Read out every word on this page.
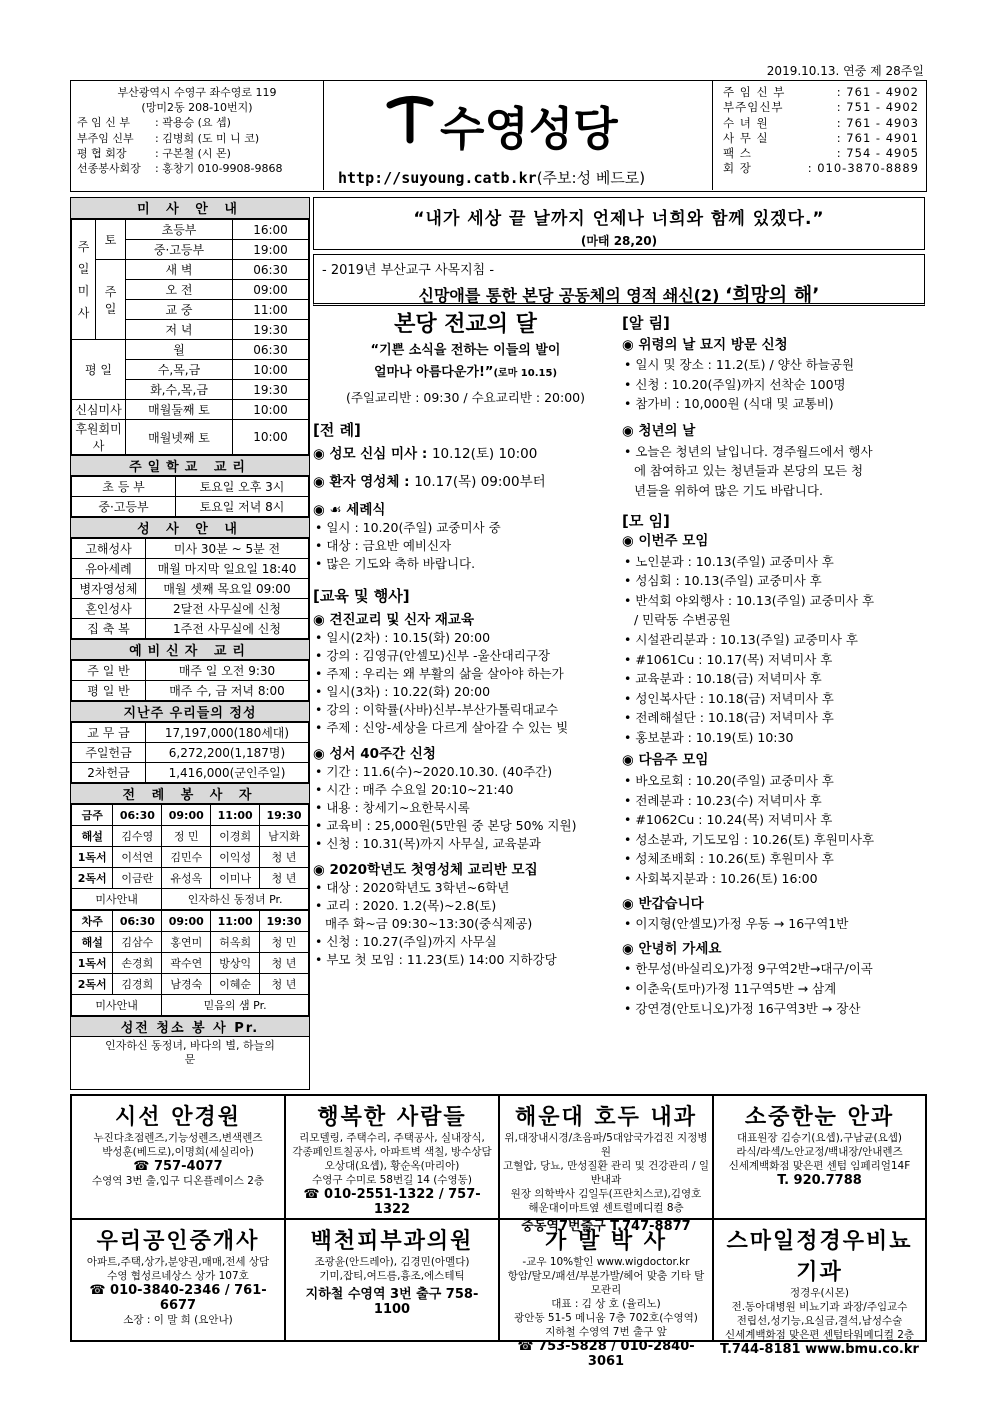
2019.10.13. 연중 제 28주일
부산광역시 수영구 좌수영로 119
(망미2동 208-10번지)
주 임 신 부	: 곽용승 (요 셉)
부주임 신부	: 김병희 (도 미 니 코)
평 협 회장	: 구본철 (시 몬)
선종봉사회장	: 홍창기 010-9908-9868
수영성당
http://suyoung.catb.kr(주보:성 베드로)
주 임 신 부	: 761 - 4902
부주임신부	: 751 - 4902
수 녀 원	: 761 - 4903
사 무 실	: 761 - 4901
팩 스	: 754 - 4905
회 장	: 010-3870-8889
미 사 안 내
주일미사	토	초등부	16:00
		중·고등부	19:00
	주일	새 벽	06:30
		오 전	09:00
		교 중	11:00
		저 녁	19:30
평 일		월	06:30
		수,목,금	10:00
		화,수,목,금	19:30
신심미사		매월둘째 토	10:00
후원회미사		매월넷째 토	10:00
주일학교 교리
초 등 부	토요일 오후 3시
중·고등부	토요일 저녁 8시
성 사 안 내
고해성사	미사 30분 ~ 5분 전
유아세례	매월 마지막 일요일 18:40
병자영성체	매월 셋째 목요일 09:00
혼인성사	2달전 사무실에 신청
집 축 복	1주전 사무실에 신청
예비신자 교리
주 일 반	매주 일 오전 9:30
평 일 반	매주 수, 금 저녁 8:00
지난주 우리들의 정성
교 무 금	17,197,000(180세대)
주일헌금	6,272,200(1,187명)
2차헌금	1,416,000(군인주일)
전 례 봉 사 자
금주	06:30	09:00	11:00	19:30
해설	김수영	정 민	이경희	남지화
1독서	이석연	김민수	이익성	청 년
2독서	이금란	유성옥	이미나	청 년
미사안내		인자하신 동정녀 Pr.		
차주	06:30	09:00	11:00	19:30
해설	김삼수	홍연미	허옥희	청 민
1독서	손경희	곽수연	방상익	청 년
2독서	김경희	남경숙	이혜순	청 년
미사안내		믿음의 샘 Pr.		
성전 청소 봉 사 Pr.
인자하신 동정녀, 바다의 별, 하늘의 문
“내가 세상 끝 날까지 언제나 너희와 함께 있겠다.”
(마태 28,20)
- 2019년 부산교구 사목지침 -
신망애를 통한 본당 공동체의 영적 쇄신(2) ‘희망의 해’
본당 전교의 달
“기쁜 소식을 전하는 이들의 발이
얼마나 아름다운가!”(로마 10.15)
(주일교리반 : 09:30 / 수요교리반 : 20:00)
[전 례]
◉ 성모 신심 미사 : 10.12(토) 10:00
◉ 환자 영성체 : 10.17(목) 09:00부터
◉ ☙ 세례식
• 일시 : 10.20(주일) 교중미사 중
• 대상 : 금요반 예비신자
• 많은 기도와 축하 바랍니다.
[교육 및 행사]
◉ 견진교리 및 신자 재교육
• 일시(2차) : 10.15(화) 20:00
• 강의 : 김영규(안셀모)신부 -울산대리구장
• 주제 : 우리는 왜 부활의 삶을 살아야 하는가
• 일시(3차) : 10.22(화) 20:00
• 강의 : 이학률(사바)신부-부산가톨릭대교수
• 주제 : 신앙-세상을 다르게 살아갈 수 있는 빛
◉ 성서 40주간 신청
• 기간 : 11.6(수)~2020.10.30. (40주간)
• 시간 : 매주 수요일 20:10~21:40
• 내용 : 창세기~요한묵시록
• 교육비 : 25,000원(5만원 중 본당 50% 지원)
• 신청 : 10.31(목)까지 사무실, 교육분과
◉ 2020학년도 첫영성체 교리반 모집
• 대상 : 2020학년도 3학년~6학년
• 교리 : 2020. 1.2(목)~2.8(토)
매주 화~금 09:30~13:30(중식제공)
• 신청 : 10.27(주일)까지 사무실
• 부모 첫 모임 : 11.23(토) 14:00 지하강당
[알 림]
◉ 위령의 날 묘지 방문 신청
• 일시 및 장소 : 11.2(토) / 양산 하늘공원
• 신청 : 10.20(주일)까지 선착순 100명
• 참가비 : 10,000원 (식대 및 교통비)
◉ 청년의 날
• 오늘은 청년의 날입니다. 경주월드에서 행사
에 참여하고 있는 청년들과 본당의 모든 청
년들을 위하여 많은 기도 바랍니다.
[모 임]
◉ 이번주 모임
• 노인분과 : 10.13(주일) 교중미사 후
• 성심회 : 10.13(주일) 교중미사 후
• 반석회 야외행사 : 10.13(주일) 교중미사 후
/ 민락동 수변공원
• 시설관리분과 : 10.13(주일) 교중미사 후
• #1061Cu : 10.17(목) 저녁미사 후
• 교육분과 : 10.18(금) 저녁미사 후
• 성인복사단 : 10.18(금) 저녁미사 후
• 전례해설단 : 10.18(금) 저녁미사 후
• 홍보분과 : 10.19(토) 10:30
◉ 다음주 모임
• 바오로회 : 10.20(주일) 교중미사 후
• 전례분과 : 10.23(수) 저녁미사 후
• #1062Cu : 10.24(목) 저녁미사 후
• 성소분과, 기도모임 : 10.26(토) 후원미사후
• 성체조배회 : 10.26(토) 후원미사 후
• 사회복지분과 : 10.26(토) 16:00
◉ 반갑습니다
• 이지형(안셀모)가정 우동 → 16구역1반
◉ 안녕히 가세요
• 한무성(바실리오)가정 9구역2반→대구/이곡
• 이춘욱(토마)가정 11구역5반 → 삼계
• 강연경(안토니오)가정 16구역3반 → 장산
시선 안경원
누진다초점렌즈,기능성렌즈,변색렌즈
박성훈(베드로),이명희(세실리아)
☎ 757-4077
수영역 3번 출,입구 디온플레이스 2층
행복한 사람들
리모델링, 주택수리, 주택공사, 실내장식,
각종페인트칠공사, 아파트벽 색칠, 방수상담
오상대(요셉), 황순옥(마리아)
수영구 수미로 58번길 14 (수영동)
☎ 010-2551-1322 / 757-1322
해운대 호두 내과
위,대장내시경/초음파/5대암국가검진 지정병원
고혈압, 당뇨, 만성질환 관리 및 건강관리 / 일반내과
원장 의학박사 김일두(프란치스코),김영호
해운대이마트옆 센트럴메디컬 8층
중동역7번출구 T.747-8877
소중한눈 안과
대표원장 김승기(요셉),구남균(요셉)
라식/라섹/노안교정/백내장/안내렌즈
신세계백화점 맞은편 센텀 임페리얼14F
T. 920.7788
우리공인중개사
아파트,주택,상가,분양권,매매,전세 상담
수영 협성르네상스 상가 107호
☎ 010-3840-2346 / 761-6677
소장 : 이 말 희 (요안나)
백천피부과의원
조광윤(안드레아), 김경민(아멜다)
기미,잡티,여드름,흉조,에스테틱
지하철 수영역 3번 출구 758-1100
가 발 박 사
-교우 10%할인 www.wigdoctor.kr
항암/탈모/패션/부분가발/헤어 맞춤 기타 탈모관리
대표 : 김 상 호 (율리노)
광안동 51-5 메니움 7층 702호(수영역)
지하철 수영역 7번 출구 앞
☎ 753-5828 / 010-2840-3061
스마일정경우비뇨기과
정경우(시몬)
전.동아대병원 비뇨기과 과장/주임교수
전립선,성기능,요실금,결석,남성수술
신세계백화점 맞은편 센텀타워메디컬 2층
T.744-8181 www.bmu.co.kr
